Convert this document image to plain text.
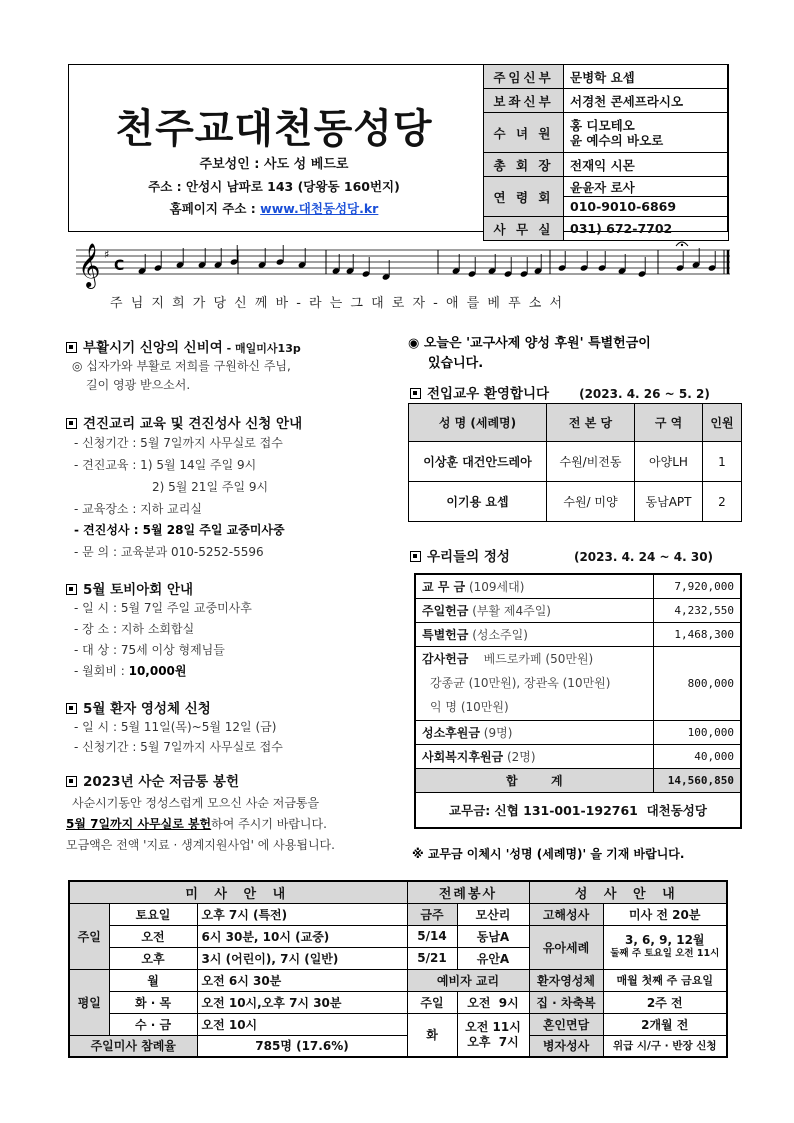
천주교대천동성당
주보성인 : 사도 성 베드로
주소 : 안성시 남파로 143 (당왕동 160번지)
홈페이지 주소 : www.대천동성당.kr
주임신부	문병학 요셉
보좌신부	서경천 콘세프라시오
수 녀 원	홍 디모테오
윤 예수의 바오로

총 회 장	전재익 시몬
연 령 회	윤윤자 로사
	010-9010-6869
사 무 실	031) 672-7702
𝄞 ♯
C
주 님 지 희 가 당 신 께 바 - 라 는 그 대 로 자 - 애 를 베 푸 소 서
부활시기 신앙의 신비여 - 매일미사13p
◎ 십자가와 부활로 저희를 구원하신 주님,
길이 영광 받으소서.
견진교리 교육 및 견진성사 신청 안내
- 신청기간 : 5월 7일까지 사무실로 접수
- 견진교육 : 1) 5월 14일 주일 9시
2) 5월 21일 주일 9시
- 교육장소 : 지하 교리실
- 견진성사 : 5월 28일 주일 교중미사중
- 문 의 : 교육분과 010-5252-5596
5월 토비아회 안내
- 일 시 : 5월 7일 주일 교중미사후
- 장 소 : 지하 소회합실
- 대 상 : 75세 이상 형제님들
- 월회비 : 10,000원
5월 환자 영성체 신청
- 일 시 : 5월 11일(목)~5월 12일 (금)
- 신청기간 : 5월 7일까지 사무실로 접수
2023년 사순 저금통 봉헌
사순시기동안 정성스럽게 모으신 사순 저금통을
5월 7일까지 사무실로 봉헌하여 주시기 바랍니다.
모금액은 전액 '지료 · 생계지원사업' 에 사용됩니다.
◉ 오늘은 '교구사제 양성 후원' 특별헌금이
있습니다.
전입교우 환영합니다	(2023. 4. 26 ~ 5. 2)
성 명 (세례명)	전 본 당	구 역	인원
이상훈 대건안드레아	수원/비전동	아양LH	1
이기용 요셉	수원/ 미양	동남APT	2
우리들의 정성	(2023. 4. 24 ~ 4. 30)
교 무 금 (109세대)	7,920,000
주일헌금 (부활 제4주일)	4,232,550
특별헌금 (성소주일)	1,468,300

감사헌금    베드로카페 (50만원)
강종균 (10만원), 장관옥 (10만원)
익 명 (10만원)	800,000
성소후원금 (9명)	100,000
사회복지후원금 (2명)	40,000
합        계	14,560,850
교무금: 신협 131-001-192761  대천동성당	
※ 교무금 이체시 '성명 (세례명)' 을 기재 바랍니다.
미 사 안 내			전례봉사		성 사 안 내	
주일	토요일	오후 7시 (특전)	금주	모산리	고해성사	미사 전 20분
	오전	6시 30분, 10시 (교중)	5/14	동남A	유아세례	3, 6, 9, 12월
둘째 주 토요일 오전 11시

	오후	3시 (어린이), 7시 (일반)	5/21	유안A		
평일	월	오전 6시 30분	예비자 교리		환자영성체	매월 첫째 주 금요일
	화 · 목	오전 10시,오후 7시 30분	주일	오전  9시	집 · 차축복	2주 전
	수 · 금	오전 10시	화	오전 11시
오후  7시	혼인면담	2개월 전
주일미사 참례율		785명 (17.6%)			병자성사	위급 시/구 · 반장 신청
